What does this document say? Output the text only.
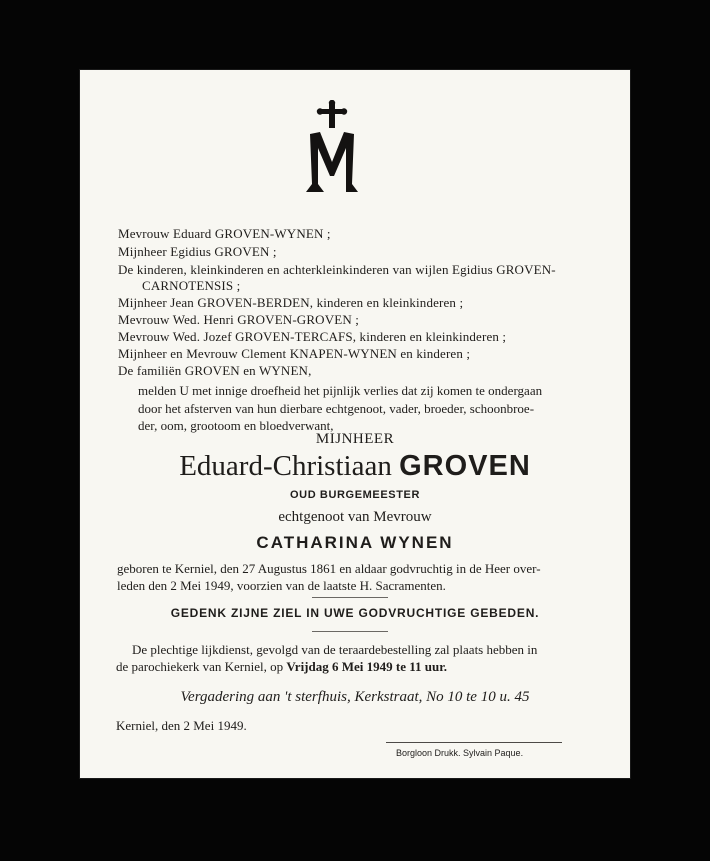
Mevrouw Eduard GROVEN-WYNEN ;

Mijnheer Egidius GROVEN ;

De kinderen, kleinkinderen en achterkleinkinderen van wijlen Egidius GROVEN-

CARNOTENSIS ;

Mijnheer Jean GROVEN-BERDEN, kinderen en kleinkinderen ;

Mevrouw Wed. Henri GROVEN-GROVEN ;

Mevrouw Wed. Jozef GROVEN-TERCAFS, kinderen en kleinkinderen ;

Mijnheer en Mevrouw Clement KNAPEN-WYNEN en kinderen ;

De familiën GROVEN en WYNEN,

melden U met innige droefheid het pijnlijk verlies dat zij komen te ondergaan

door het afsterven van hun dierbare echtgenoot, vader, broeder, schoonbroe-

der, oom, grootoom en bloedverwant,

MIJNHEER

Eduard-Christiaan GROVEN

OUD BURGEMEESTER

echtgenoot van Mevrouw

CATHARINA WYNEN

geboren te Kerniel, den 27 Augustus 1861 en aldaar godvruchtig in de Heer over-

leden den 2 Mei 1949, voorzien van de laatste H. Sacramenten.

GEDENK ZIJNE ZIEL IN UWE GODVRUCHTIGE GEBEDEN.

De plechtige lijkdienst, gevolgd van de teraardebestelling zal plaats hebben in

de parochiekerk van Kerniel, op Vrijdag 6 Mei 1949 te 11 uur.

Vergadering aan 't sterfhuis, Kerkstraat, No 10 te 10 u. 45

Kerniel, den 2 Mei 1949.

Borgloon Drukk. Sylvain Paque.
